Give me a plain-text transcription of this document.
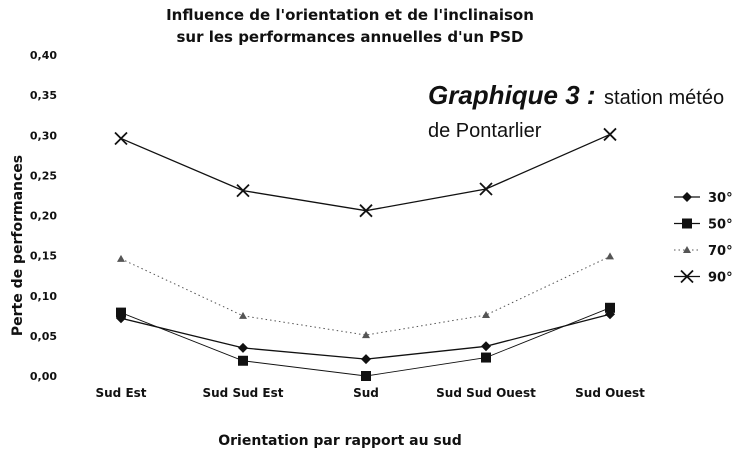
Influence de l'orientation et de l'inclinaison
sur les performances annuelles d'un PSD
Graphique 3 : station météo
de Pontarlier
0,00
0,05
0,10
0,15
0,20
0,25
0,30
0,35
0,40
Sud Est	Sud Sud Est	Sud	Sud Sud Ouest	Sud Ouest
Orientation par rapport au sud
Perte de performances	30°
50°
70°
90°
